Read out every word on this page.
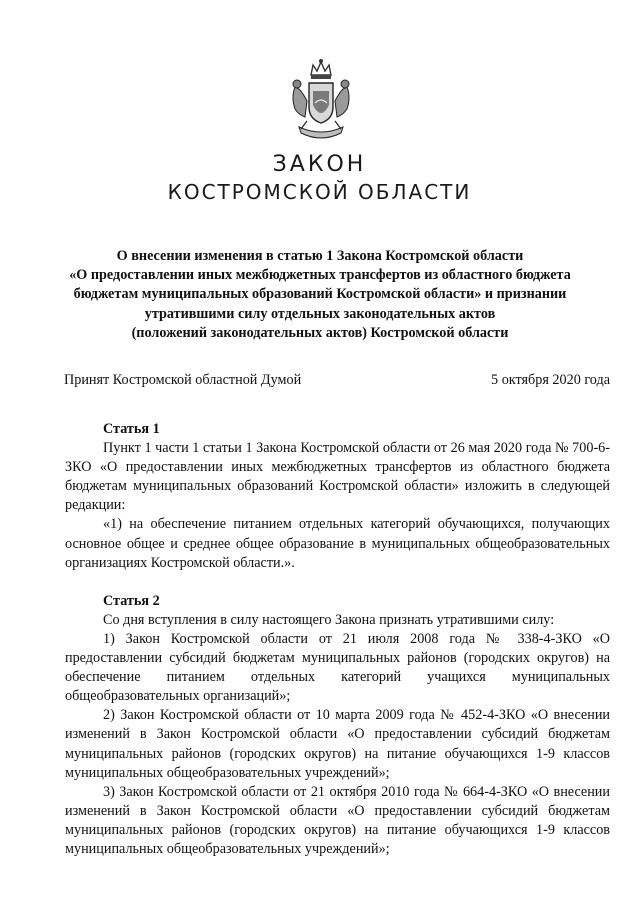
ЗАКОН
КОСТРОМСКОЙ ОБЛАСТИ
О внесении изменения в статью 1 Закона Костромской области
«О предоставлении иных межбюджетных трансфертов из областного бюджета
бюджетам муниципальных образований Костромской области» и признании
утратившими силу отдельных законодательных актов
(положений законодательных актов) Костромской области
Принят Костромской областной Думой	5 октября 2020 года
Статья 1

Пункт 1 части 1 статьи 1 Закона Костромской области от 26 мая 2020 года № 700-6-ЗКО «О предоставлении иных межбюджетных трансфертов из областного бюджета бюджетам муниципальных образований Костромской области» изложить в следующей редакции:

«1) на обеспечение питанием отдельных категорий обучающихся, получающих основное общее и среднее общее образование в муниципальных общеобразовательных организациях Костромской области.».

Статья 2

Со дня вступления в силу настоящего Закона признать утратившими силу:

1) Закон Костромской области от 21 июля 2008 года № 338-4-ЗКО «О предоставлении субсидий бюджетам муниципальных районов (городских округов) на обеспечение питанием отдельных категорий учащихся муниципальных общеобразовательных организаций»;

2) Закон Костромской области от 10 марта 2009 года № 452-4-ЗКО «О внесении изменений в Закон Костромской области «О предоставлении субсидий бюджетам муниципальных районов (городских округов) на питание обучающихся 1-9 классов муниципальных общеобразовательных учреждений»;

3) Закон Костромской области от 21 октября 2010 года № 664-4-ЗКО «О внесении изменений в Закон Костромской области «О предоставлении субсидий бюджетам муниципальных районов (городских округов) на питание обучающихся 1-9 классов муниципальных общеобразовательных учреждений»;
